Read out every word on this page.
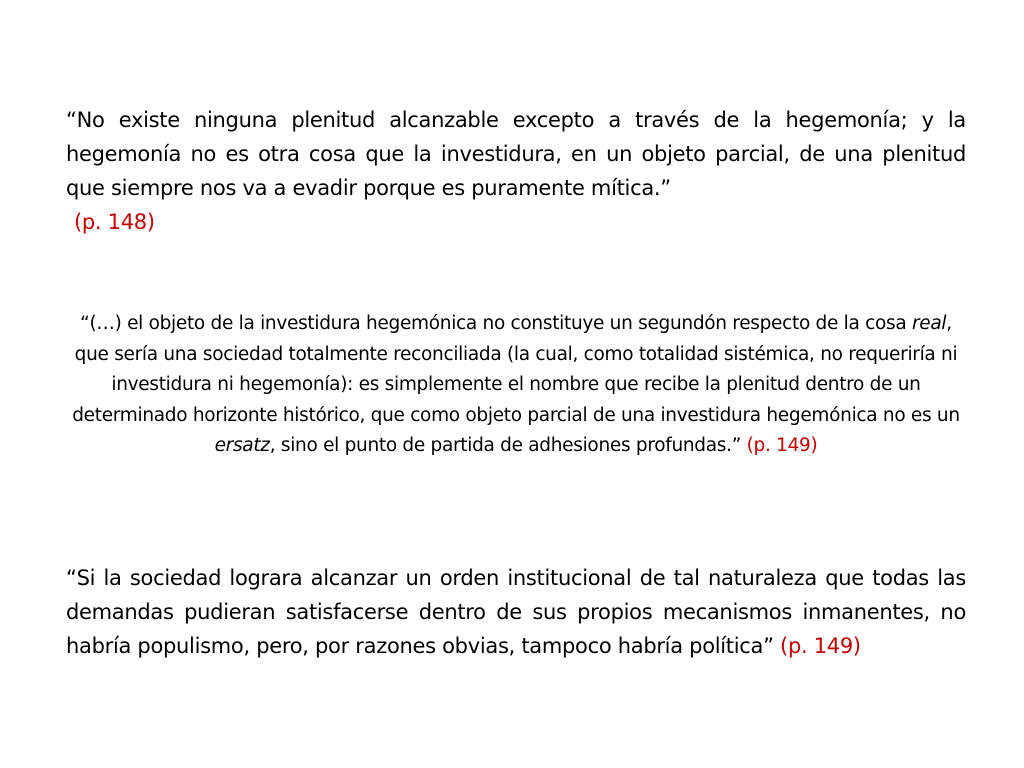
“No existe ninguna plenitud alcanzable excepto a través de la hegemonía; y la hegemonía no es otra cosa que la investidura, en un objeto parcial, de una plenitud que siempre nos va a evadir porque es puramente mítica.”
(p. 148)

“(…) el objeto de la investidura hegemónica no constituye un segundón respecto de la cosa real, que sería una sociedad totalmente reconciliada (la cual, como totalidad sistémica, no requeriría ni investidura ni hegemonía): es simplemente el nombre que recibe la plenitud dentro de un determinado horizonte histórico, que como objeto parcial de una investidura hegemónica no es un ersatz, sino el punto de partida de adhesiones profundas.” (p. 149)

“Si la sociedad lograra alcanzar un orden institucional de tal naturaleza que todas las demandas pudieran satisfacerse dentro de sus propios mecanismos inmanentes, no habría populismo, pero, por razones obvias, tampoco habría política” (p. 149)
